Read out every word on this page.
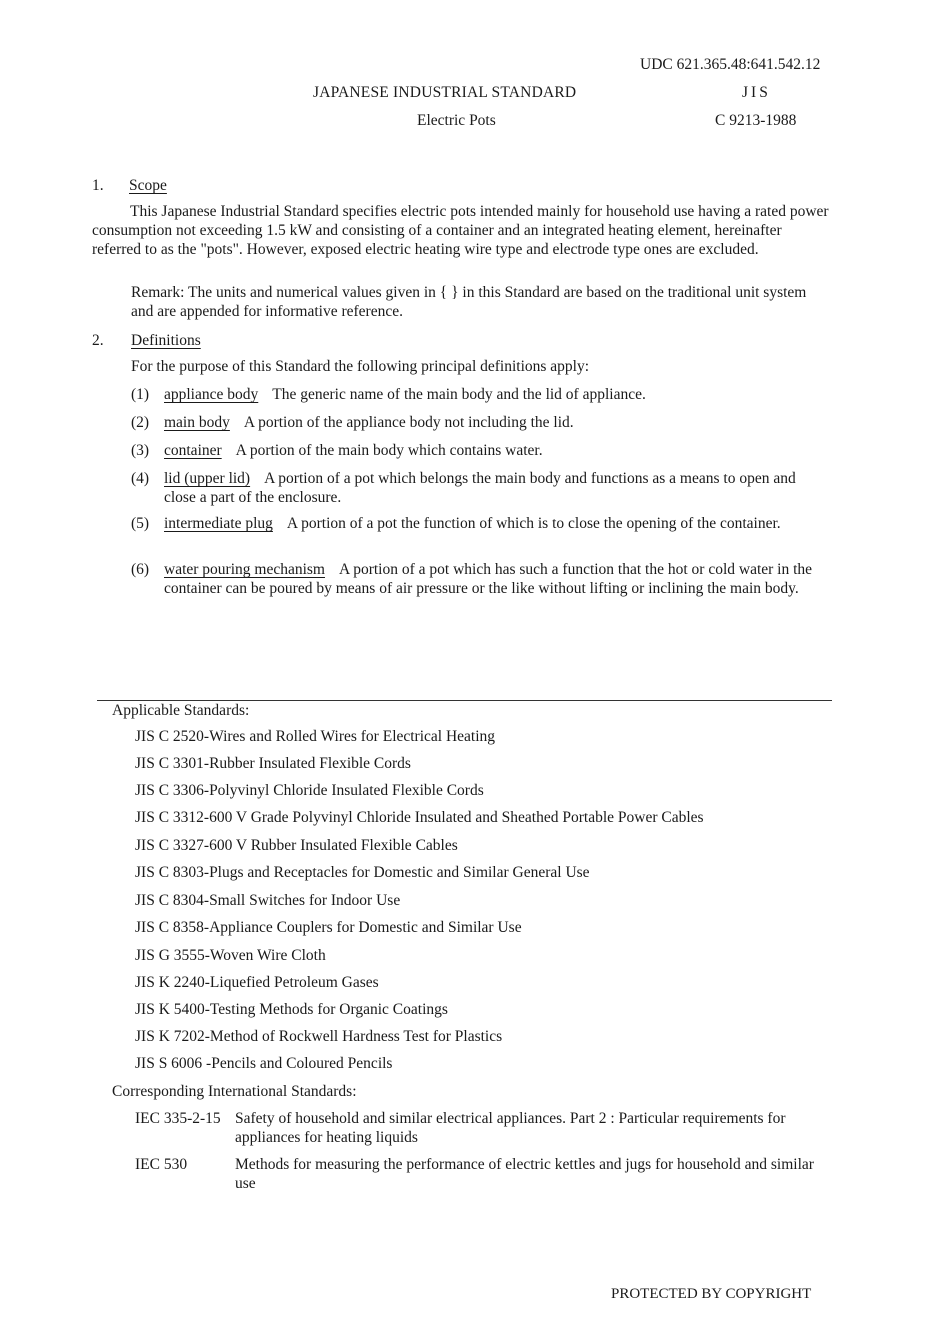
UDC 621.365.48:641.542.12
JAPANESE INDUSTRIAL STANDARD	JIS
Electric Pots	C 9213-1988
1. Scope
This Japanese Industrial Standard specifies electric pots intended mainly for household use having a rated power consumption not exceeding 1.5 kW and consisting of a container and an integrated heating element, hereinafter referred to as the "pots". However, exposed electric heating wire type and electrode type ones are excluded.
Remark: The units and numerical values given in { } in this Standard are based on the traditional unit system and are appended for informative reference.
2. Definitions
For the purpose of this Standard the following principal definitions apply:
(1) appliance body The generic name of the main body and the lid of appliance.
(2) main body A portion of the appliance body not including the lid.
(3) container A portion of the main body which contains water.
(4) lid (upper lid) A portion of a pot which belongs the main body and functions as a means to open and close a part of the enclosure.
(5) intermediate plug A portion of a pot the function of which is to close the opening of the container.
(6) water pouring mechanism A portion of a pot which has such a function that the hot or cold water in the container can be poured by means of air pressure or the like without lifting or inclining the main body.
Applicable Standards:
JIS C 2520-Wires and Rolled Wires for Electrical Heating
JIS C 3301-Rubber Insulated Flexible Cords
JIS C 3306-Polyvinyl Chloride Insulated Flexible Cords
JIS C 3312-600 V Grade Polyvinyl Chloride Insulated and Sheathed Portable Power Cables
JIS C 3327-600 V Rubber Insulated Flexible Cables
JIS C 8303-Plugs and Receptacles for Domestic and Similar General Use
JIS C 8304-Small Switches for Indoor Use
JIS C 8358-Appliance Couplers for Domestic and Similar Use
JIS G 3555-Woven Wire Cloth
JIS K 2240-Liquefied Petroleum Gases
JIS K 5400-Testing Methods for Organic Coatings
JIS K 7202-Method of Rockwell Hardness Test for Plastics
JIS S 6006 -Pencils and Coloured Pencils
Corresponding International Standards:
IEC 335-2-15 Safety of household and similar electrical appliances. Part 2 : Particular requirements for appliances for heating liquids
IEC 530	Methods for measuring the performance of electric kettles and jugs for household and similar use
PROTECTED BY COPYRIGHT
